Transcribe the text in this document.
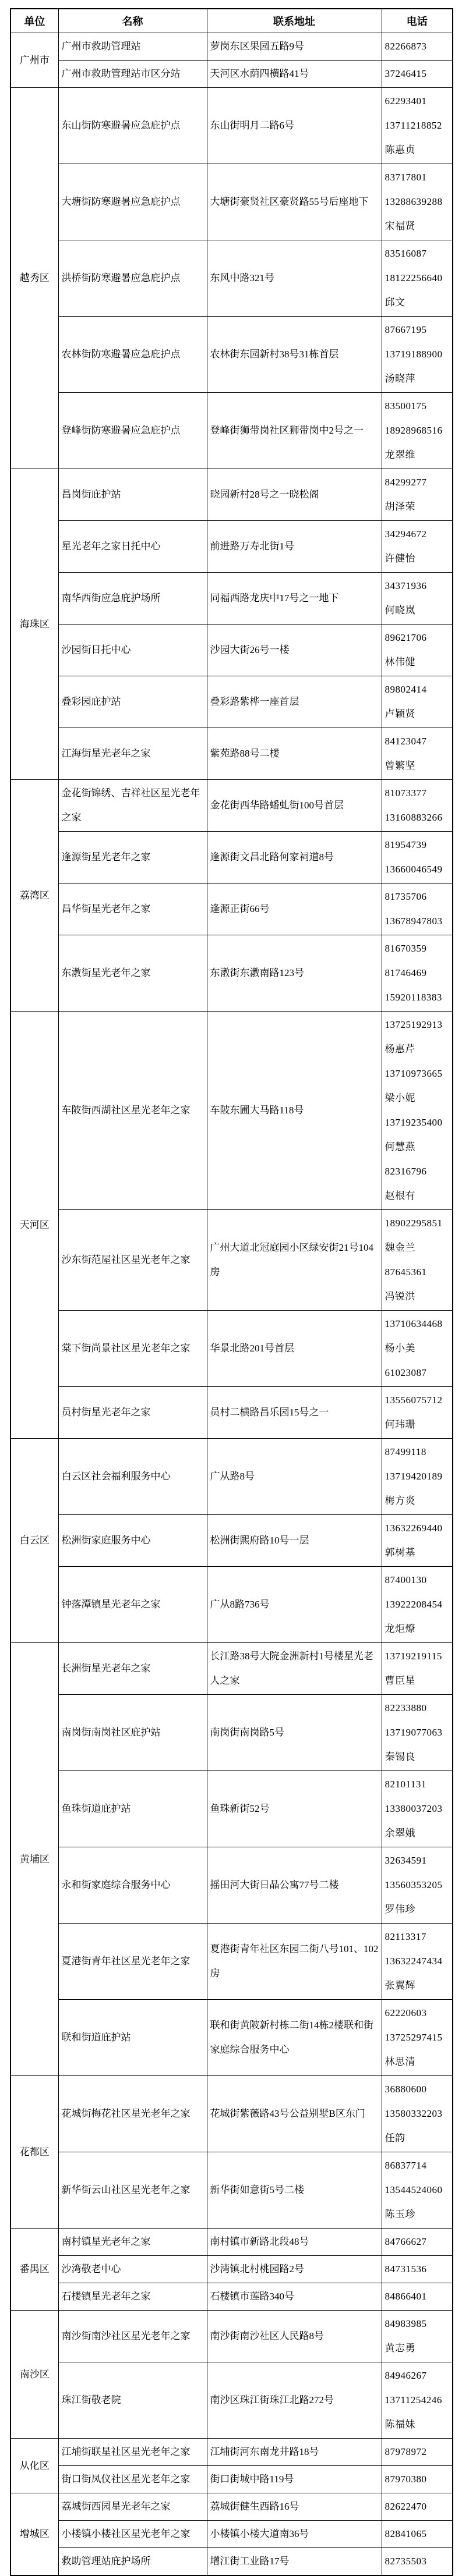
单位	名称	联系地址	电话
广州市	广州市救助管理站	萝岗东区果园五路9号	82266873

	广州市救助管理站市区分站	天河区水荫四横路41号	37246415

越秀区	东山街防寒避暑应急庇护点	东山街明月二路6号	62293401
13711218852
陈惠贞

	大塘街防寒避暑应急庇护点	大塘街豪贤社区豪贤路55号后座地下	83717801
13288639288
宋福贤

	洪桥街防寒避暑应急庇护点	东风中路321号	83516087
18122256640
邱文

	农林街防寒避暑应急庇护点	农林街东园新村38号31栋首层	87667195
13719188900
汤晓萍

	登峰街防寒避暑应急庇护点	登峰街狮带岗社区狮带岗中2号之一	83500175
18928968516
龙翠维

海珠区	昌岗街庇护站	晓园新村28号之一晓松阁	84299277
胡泽荣

	星光老年之家日托中心	前进路万寿北街1号	34294672
许健怡

	南华西街应急庇护场所	同福西路龙庆中17号之一地下	34371936
何晓岚

	沙园街日托中心	沙园大街26号一楼	89621706
林伟健

	叠彩园庇护站	叠彩路紫桦一座首层	89802414
卢颖贤

	江海街星光老年之家	紫苑路88号二楼	84123047
曾繁坚

荔湾区	金花街锦绣、吉祥社区星光老年之家	金花街西华路蟠虬街100号首层	81073377
13160883266

	逢源街星光老年之家	逢源街文昌北路何家祠道8号	81954739
13660046549

	昌华街星光老年之家	逢源正街66号	81735706
13678947803

	东漖街星光老年之家	东漖街东漖南路123号	81670359
81746469
15920118383

天河区	车陂街西湖社区星光老年之家	车陂东圃大马路118号	
13725192913
杨惠芹
13710973665
梁小妮
13719235400
何慧燕
82316796
赵根有

	沙东街范屋社区星光老年之家	广州大道北冠庭园小区绿安街21号104房	18902295851
魏金兰
87645361
冯锐洪

	棠下街尚景社区星光老年之家	华景北路201号首层	13710634468
杨小美
61023087

	员村街星光老年之家	员村二横路昌乐园15号之一	13556075712
何玮珊

白云区	白云区社会福利服务中心	广从路8号	87499118
13719420189
梅方炎

	松洲街家庭服务中心	松洲街熙府路10号一层	13632269440
郭树基

	钟落潭镇星光老年之家	广从8路736号	87400130
13922208454
龙炬燎

黄埔区	长洲街星光老年之家	长江路38号大院金洲新村1号楼星光老人之家	13719219115
曹臣星

	南岗街南岗社区庇护站	南岗街南岗路5号	82233880
13719077063
秦锡良

	鱼珠街道庇护站	鱼珠新街52号	82101131
13380037203
余翠娥

	永和街家庭综合服务中心	摇田河大街日晶公寓77号二楼	32634591
13560353205
罗伟珍

	夏港街青年社区星光老年之家	夏港街青年社区东园二街八号101、102房	82113317
13632247434
张翼辉

	联和街道庇护站	联和街黄陂新村栋二街14栋2楼联和街家庭综合服务中心	62220603
13725297415
林思清

花都区	花城街梅花社区星光老年之家	花城街紫薇路43号公益别墅B区东门	36880600
13580332203
任韵

	新华街云山社区星光老年之家	新华街如意街5号二楼	86837714
13544524060
陈玉珍

番禺区	南村镇星光老年之家	南村镇市新路北段48号	84766627

	沙湾敬老中心	沙湾镇北村桃园路2号	84731536

	石楼镇星光老年之家	石楼镇市莲路340号	84866401

南沙区	南沙街南沙社区星光老年之家	南沙街南沙社区人民路8号	84983985
黄志勇

	珠江街敬老院	南沙区珠江街珠江北路272号	84946267
13711254246
陈福妹

从化区	江埔街联星社区星光老年之家	江埔街河东南龙井路18号	87978972

	街口街凤仪社区星光老年之家	街口街城中路119号	87970380

增城区	荔城街西园星光老年之家	荔城街健生西路16号	82622470

	小楼镇小楼社区星光老年之家	小楼镇小楼大道南36号	82841065

	救助管理站庇护场所	增江街工业路17号	82735503
